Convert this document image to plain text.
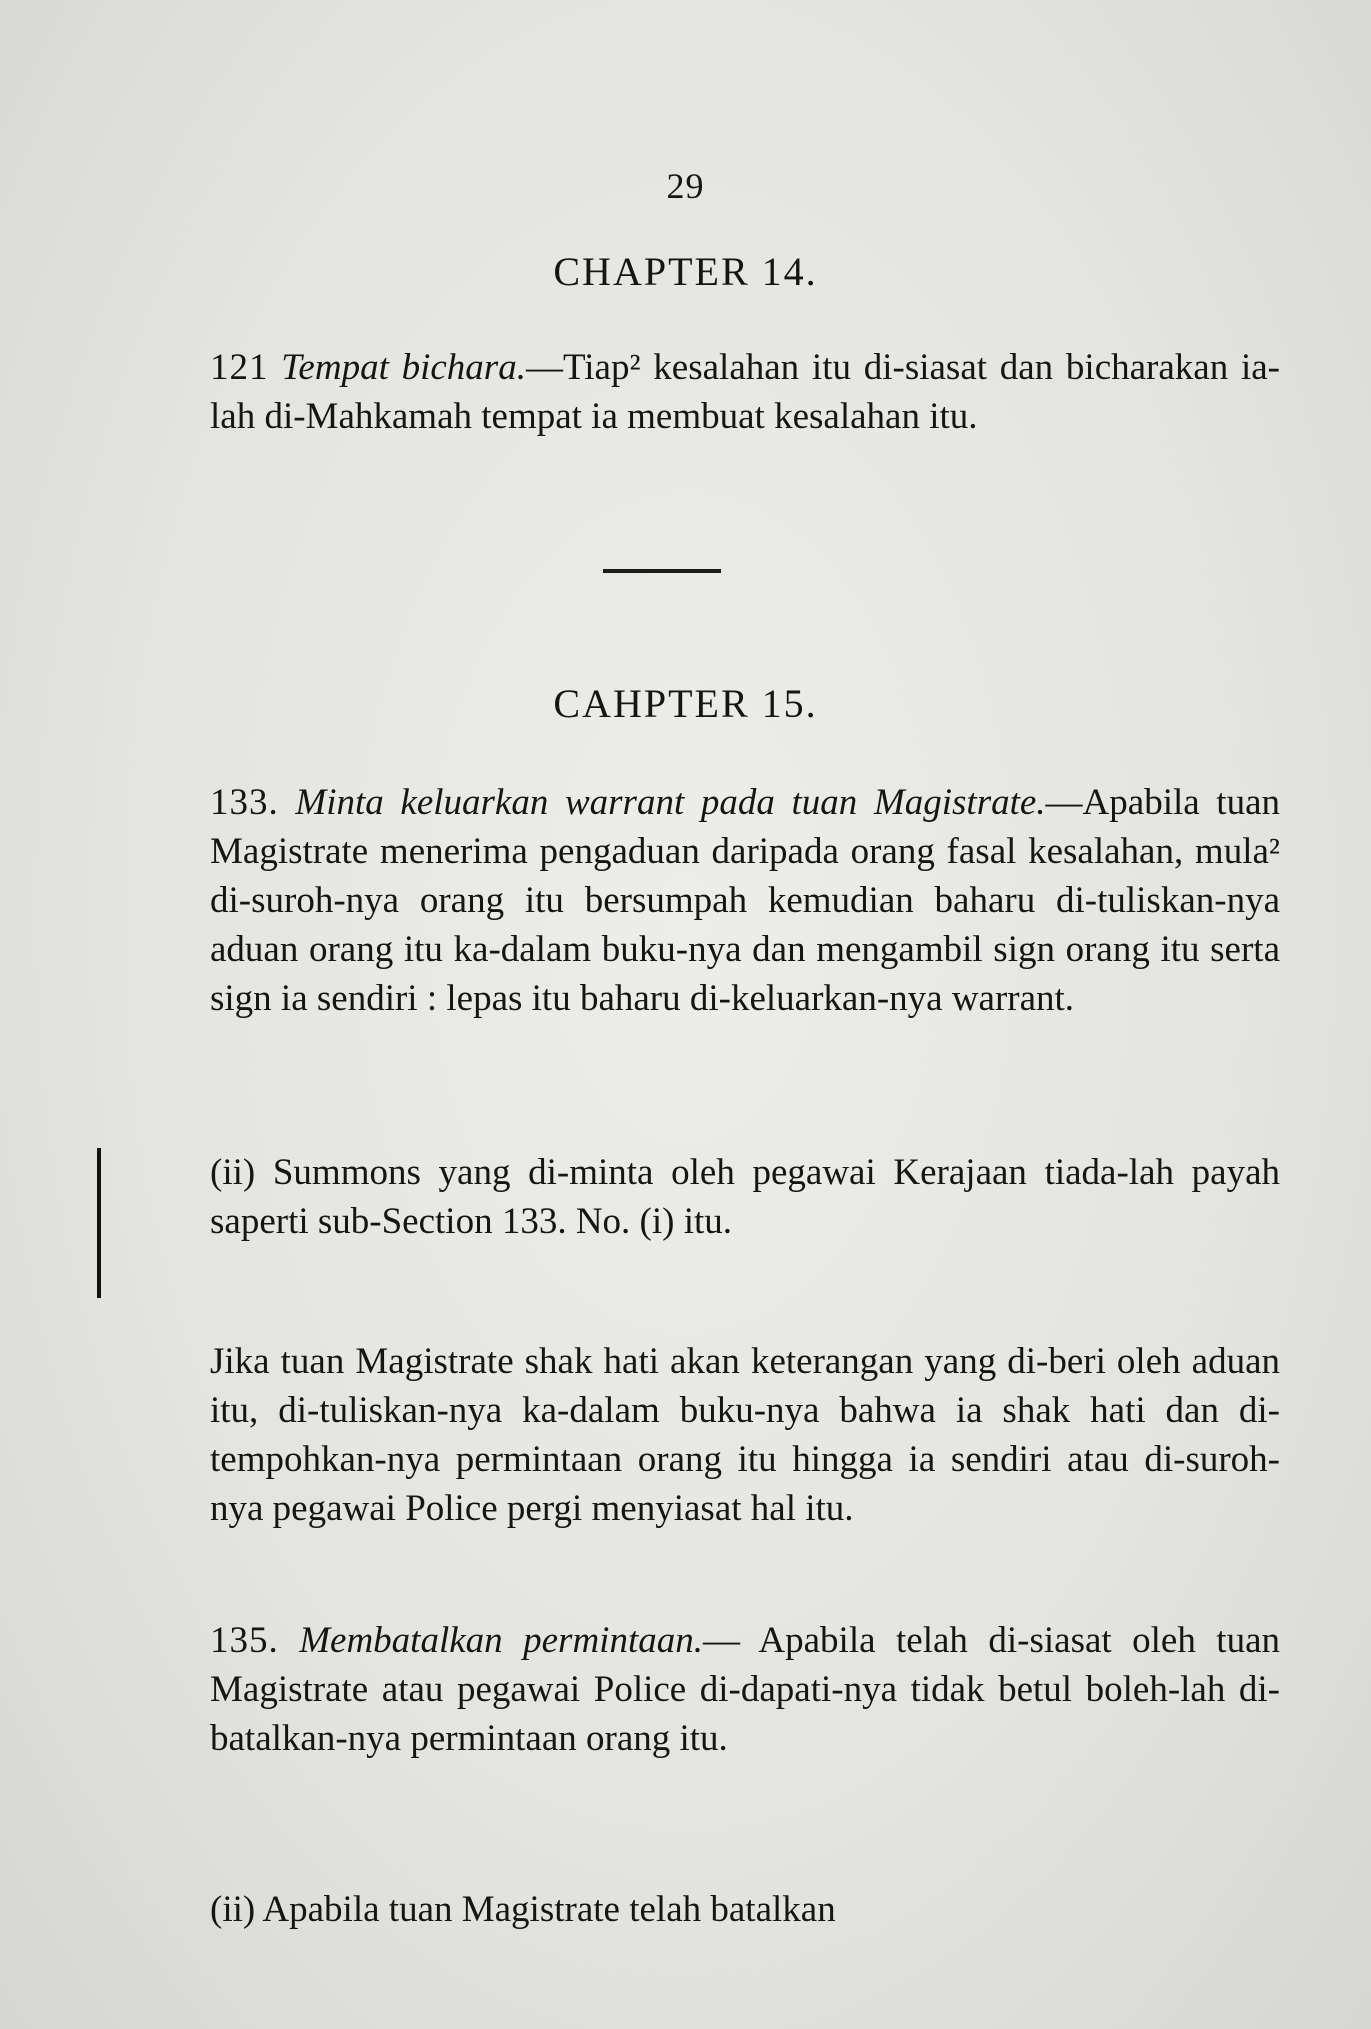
29
CHAPTER 14.

121 Tempat bichara.—Tiap² kesalahan itu di-siasat dan bicharakan ia-lah di-Mahkamah tempat ia membuat kesalahan itu.

CAHPTER 15.

133. Minta keluarkan warrant pada tuan Magistrate.—Apabila tuan Magistrate menerima pengaduan daripada orang fasal kesalahan, mula² di-suroh-nya orang itu bersumpah kemudian baharu di-tuliskan-nya aduan orang itu ka-dalam buku-nya dan mengambil sign orang itu serta sign ia sendiri : lepas itu baharu di-keluarkan-nya warrant.

(ii) Summons yang di-minta oleh pegawai Kerajaan tiada-lah payah saperti sub-Section 133. No. (i) itu.

Jika tuan Magistrate shak hati akan keterangan yang di-beri oleh aduan itu, di-tuliskan-nya ka-dalam buku-nya bahwa ia shak hati dan di-tempohkan-nya permintaan orang itu hingga ia sendiri atau di-suroh-nya pegawai Police pergi menyiasat hal itu.

135. Membatalkan permintaan.— Apabila telah di-siasat oleh tuan Magistrate atau pegawai Police di-dapati-nya tidak betul boleh-lah di-batalkan-nya permintaan orang itu.

(ii) Apabila tuan Magistrate telah batalkan
